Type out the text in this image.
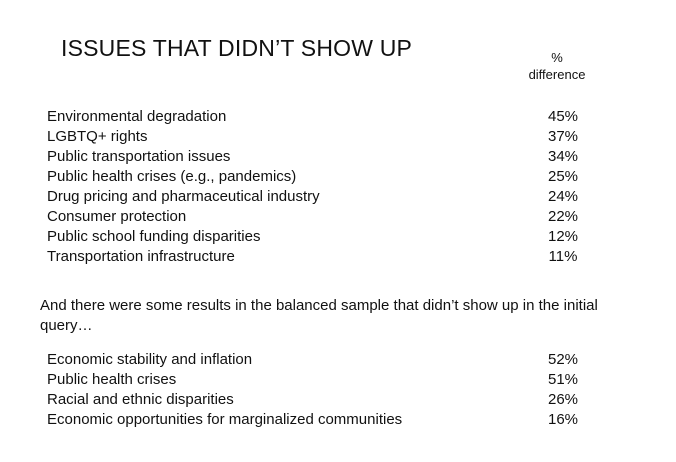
ISSUES THAT DIDN’T SHOW UP	%
difference
Environmental degradation	45%
LGBTQ+ rights	37%
Public transportation issues	34%
Public health crises (e.g., pandemics)	25%
Drug pricing and pharmaceutical industry	24%
Consumer protection	22%
Public school funding disparities	12%
Transportation infrastructure	11%
And there were some results in the balanced sample that didn’t show up in the initial query…
Economic stability and inflation	52%
Public health crises	51%
Racial and ethnic disparities	26%
Economic opportunities for marginalized communities	16%
